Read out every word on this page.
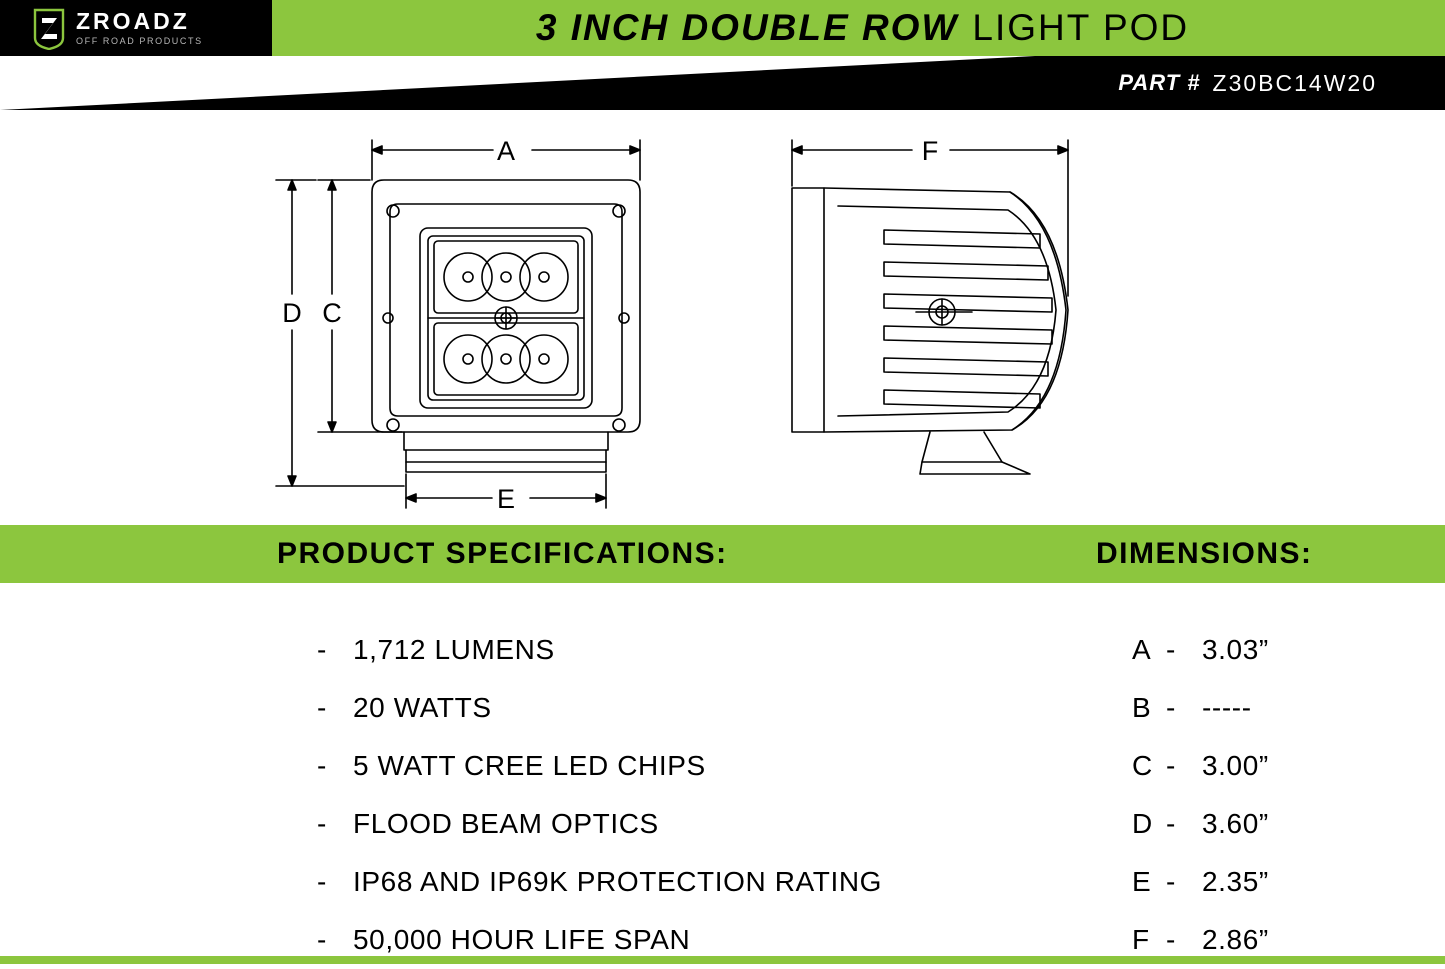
ZROADZ
OFF ROAD PRODUCTS	3 INCH DOUBLE ROW LIGHT POD
PART # Z30BC14W20
A
C
D
E
F
PRODUCT SPECIFICATIONS:	DIMENSIONS:
- 1,712 LUMENS
- 20 WATTS
- 5 WATT CREE LED CHIPS
- FLOOD BEAM OPTICS
- IP68 AND IP69K PROTECTION RATING
- 50,000 HOUR LIFE SPAN
A - 3.03”
B - -----
C - 3.00”
D - 3.60”
E - 2.35”
F - 2.86”
